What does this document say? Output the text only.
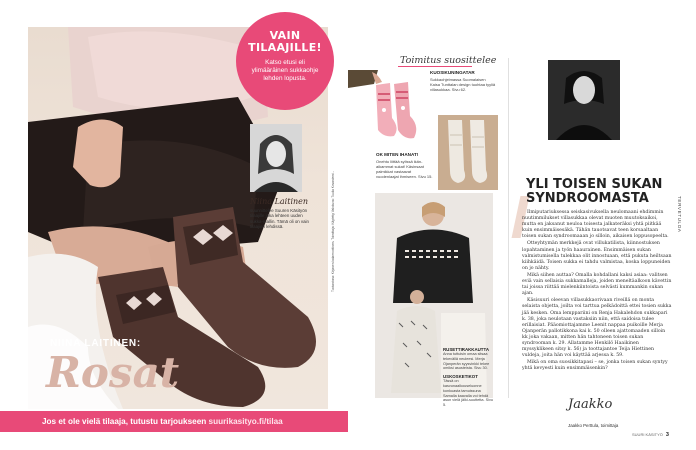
VAIN
TILAAJILLE!
Katso etusi eli ylimääräinen sukkaohje lehden lopusta.
Niina Laitinen
suunnittelee Suuren Käsityön tilaajille joka lehteen uuden sukka-mallin. Tämä oli on vain tilaajien lehdissä.
NIINA LAITINEN:
Rosat
Tuotantona: Kirjanen kalaeroottinen. Toimittaja: Käytetty Valokuva: Tuulia Kovaniemi ..
Jos et ole vielä tilaaja, tutustu tarjoukseen suurikasityo.fi/tilaa
Toimitus suosittelee
KUOSIKUNINGATAR
Sukkaohjelmassa Suomalaisen Kaisa Tunttalan design tuohtaa tyyliä villasukkaa. Sivu 62.
OK MITEN IHANAT!
Onehtu liittää sylissä ikän-aikammat sukat! Käsinsaat palmikkat vastaavat vuodenlaajat ihmiseen. Sivu 15.
RUSETTIRAKKAUTTA
Anna tuttuisin omaa sitsaa tekevällä neuleesi. Merja Ojanperän syysvinkki tekee omiksi asusteista. Sivu 30.
USKOSKETIKOT
Tässä on kasvunaalkouseluonne konkuasta tamuissuna Samalla kaavalla voi tehdä asun vielä jälki-suuttetta. Sivu 5.
YLI TOISEN SUKAN
SYNDROOMASTA

Ilmiputariuksessa seiskasivuksella neulomaani ehdimmin nuutimmilukset villasukkaa olevat muoten muutoksaikoi, mutta en jaksanut neuloa toisesta jalkateräksi yhtä piitkää kuin ensimmäisesäkä. Tähän tauotsavat teen korsaaltaan toisen sukan syndroomaaan jo silloin, aikaisen loppusopeelta.

Otteyhtymän merkkejä ovat villukatilista, kiinnostuksen lopahtaminen ja työn haaurainen. Ensimmäisen sukan valmistumisella tulekkaa olit innostuaan, että pukuta heiltsaan kiihkäidä. Toisen sukka ei tahdu valmistaa, koska loppuneiden on jo nähty.

Mikä siihen auttaa? Omalla kohdallani kaksi asiaa: valitsen eviä vain sellaisia sukkamalleja, joiden meneltäalkoon kävettin tai joissa riittää mielenkiintoista selvästi kummankin sukan ajan.

Käsisuuri oleevan villasukkaorivaan riveillä on monta selaista objetta, joilta voi tarttua pelkädoittä ettei tosien sukka jää kesken. Oma lemppariini on Renja Hakalehdon sukkapari k. 38, joka neulotaan vastaksiin niin, että saidoisa tulee erillaisiat. Pääomiottajamme Leenit nappaa puikoille Merja Ojanperän pallotikkona kai k. 50 olleen ajattomaaden silloin kk joka vakaan, mitten hän tahtoneen toisen sukan syndrooman k. 29. Allatamme Henkilö Haaikinen myssyklikeen sitsy k. 56) ja toottajantoe Teija Hiettinen vuldeja, joita hän voi käyttää arjessa k. 59.

Mikä on oma suosikkitapasi – se, jonka toisen sukan syntyy yhtä kevyesti kuin ensimmäisenkin?

Jaakko
Jaakko Perttula, toimittaja
TERVETULOA
SUURI KÄSITYÖ 3
